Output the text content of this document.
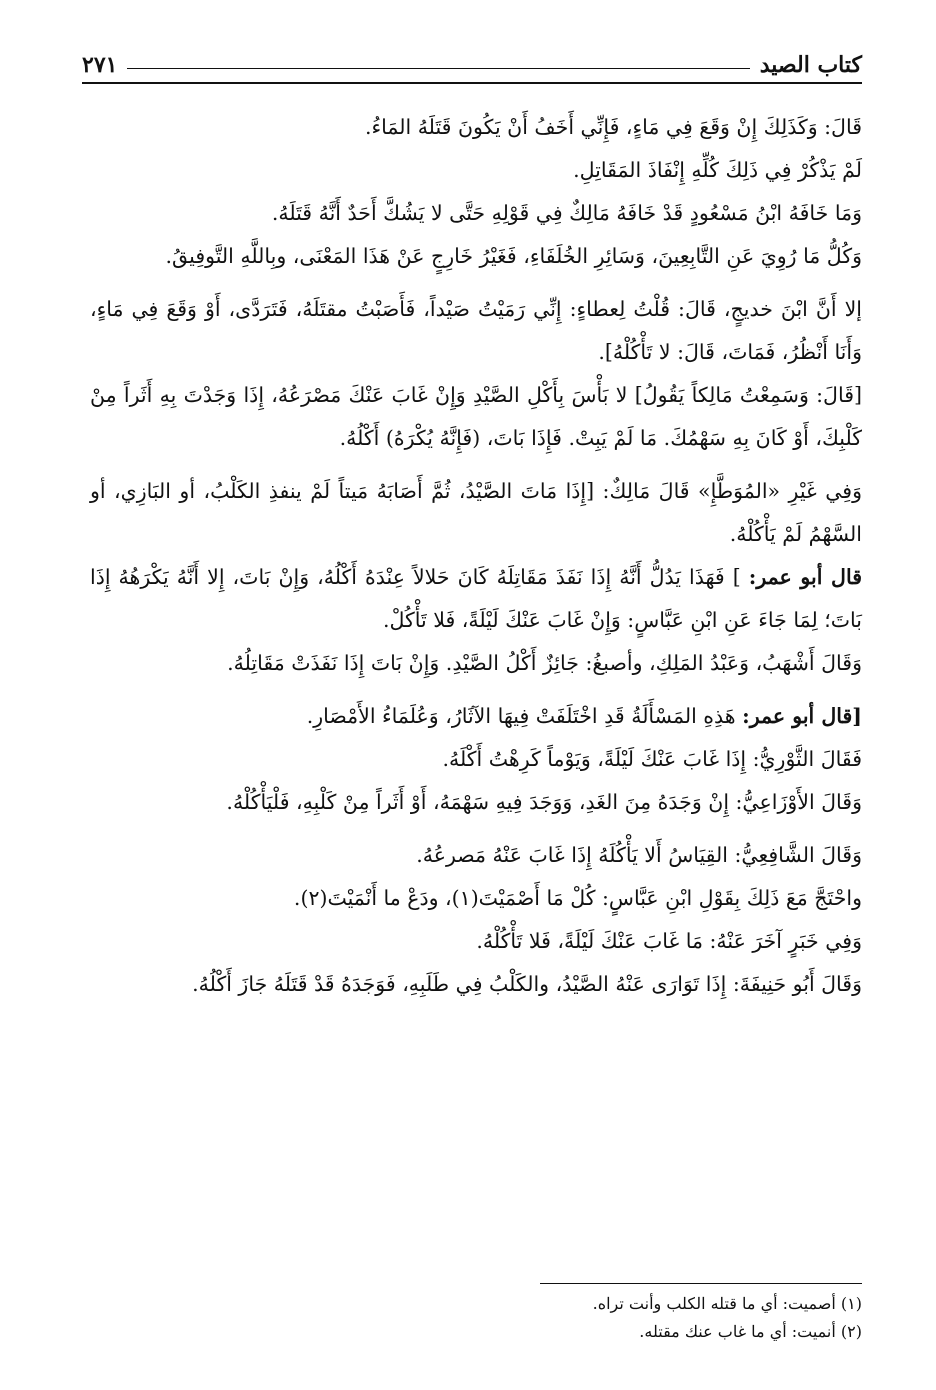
كتاب الصيد
٢٧١

قَالَ: وَكَذَلِكَ إِنْ وَقَعَ فِي مَاءٍ، فَإِنِّي أَخَفُ أَنْ يَكُونَ قَتَلَهُ المَاءُ.

لَمْ يَذْكُرْ فِي ذَلِكَ كُلِّهِ إِنْفَاذَ المَقَاتِلِ.

وَمَا خَافَهُ ابْنُ مَسْعُودٍ قَدْ خَافَهُ مَالِكٌ فِي قَوْلِهِ حَتَّى لا يَشُكَّ أَحَدٌ أَنَّهُ قَتَلَهُ.

وَكُلُّ مَا رُوِيَ عَنِ التَّابِعِينَ، وَسَائِرِ الخُلَفَاءِ، فَغَيْرُ خَارِجٍ عَنْ هَذَا المَعْنَى، وبِاللَّهِ التَّوفِيقُ.

إلا أَنَّ ابْنَ خديجٍ، قَالَ: قُلْتُ لِعطاءٍ: إِنِّي رَمَيْتُ صَيْداً، فَأَصَبْتُ مقتَلَهُ، فَتَرَدَّى، أَوْ وَقَعَ فِي مَاءٍ، وَأَنَا أَنْظُرُ، فَمَاتَ، قَالَ: لا تَأْكُلْهُ].

[قَالَ: وَسَمِعْتُ مَالِكاً يَقُولُ] لا بَأْسَ بِأَكْلِ الصَّيْدِ وَإِنْ غَابَ عَنْكَ مَصْرَعُهُ، إِذَا وَجَدْتَ بِهِ أَثَراً مِنْ كَلْبِكَ، أَوْ كَانَ بِهِ سَهْمُكَ. مَا لَمْ يَبِتْ. فَإِذَا بَاتَ، (فَإِنَّهُ يُكْرَهُ) أَكْلُهُ.

وَفِي غَيْرِ «المُوَطَّإِ» قَالَ مَالِكٌ: [إِذَا مَاتَ الصَّيْدُ، ثُمَّ أَصَابَهُ مَيتاً لَمْ ينفذِ الكَلْبُ، أو البَازِي، أو السَّهْمُ لَمْ يَأْكُلْهُ.

قال أبو عمر: ] فَهَذَا يَدُلُّ أَنَّهُ إِذَا نَفَذَ مَقَاتِلَهُ كَانَ حَلالاً عِنْدَهُ أَكْلُهُ، وَإِنْ بَاتَ، إِلا أَنَّهُ يَكْرَهُهُ إِذَا بَاتَ؛ لِمَا جَاءَ عَنِ ابْنِ عَبَّاسٍ: وَإِنْ غَابَ عَنْكَ لَيْلَةً، فَلا تَأْكُلْ.

وَقَالَ أَشْهَبُ، وَعَبْدُ المَلِكِ، وأصبغُ: جَائِزٌ أَكْلُ الصَّيْدِ. وَإِنْ بَاتَ إِذَا نَفَذَتْ مَقَاتِلُهُ.

[قال أبو عمر: هَذِهِ المَسْأَلَةُ قَدِ اخْتَلَفَتْ فِيهَا الآثَارُ، وَعُلَمَاءُ الأَمْصَارِ.

فَقَالَ الثَّوْرِيُّ: إِذَا غَابَ عَنْكَ لَيْلَةً، وَيَوْماً كَرِهْتُ أَكْلَهُ.

وَقَالَ الأَوْزَاعِيُّ: إِنْ وَجَدَهُ مِنَ الغَدِ، وَوَجَدَ فِيهِ سَهْمَهُ، أَوْ أَثَراً مِنْ كَلْبِهِ، فَلْيَأْكُلْهُ.

وَقَالَ الشَّافِعِيُّ: القِيَاسُ أَلا يَأْكُلَهُ إِذَا غَابَ عَنْهُ مَصرعُهُ.

واحْتَجَّ مَعَ ذَلِكَ بِقَوْلِ ابْنِ عَبَّاسٍ: كُلْ مَا أَصْمَيْتَ(١)، ودَعْ ما أَنْمَيْتَ(٢).

وَفِي خَبَرٍ آخَرَ عَنْهُ: مَا غَابَ عَنْكَ لَيْلَةً، فَلا تَأْكُلْهُ.

وَقَالَ أَبُو حَنِيفَةَ: إِذَا تَوَارَى عَنْهُ الصَّيْدُ، والكَلْبُ فِي طَلَبِهِ، فَوَجَدَهُ قَدْ قَتَلَهُ جَازَ أَكْلُهُ.

(١) أصميت: أي ما قتله الكلب وأنت تراه.
(٢) أنميت: أي ما غاب عنك مقتله.
